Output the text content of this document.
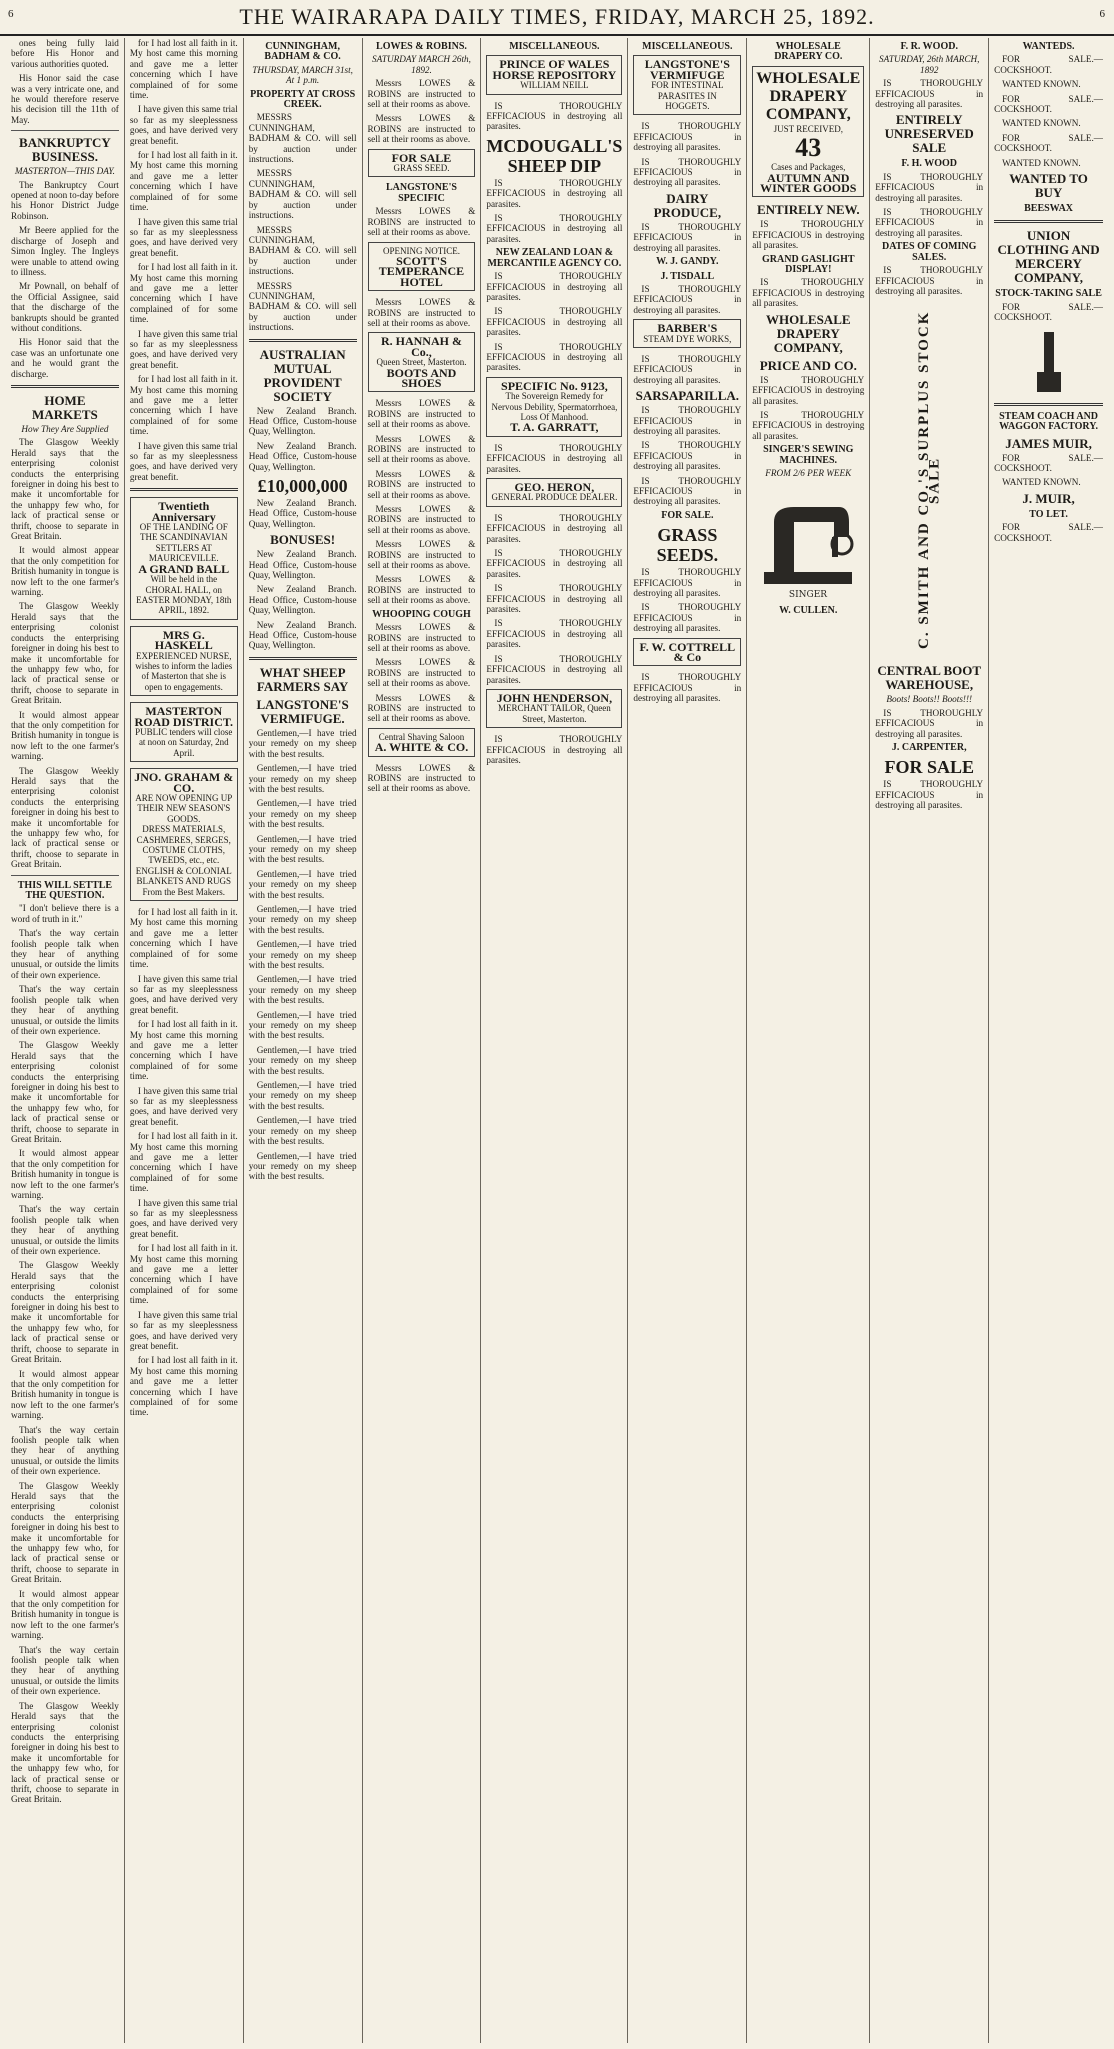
6	THE WAIRARAPA DAILY TIMES, FRIDAY, MARCH 25, 1892.	6

ones being fully laid before His Honor and various authorities quoted.

His Honor said the case was a very intricate one, and he would therefore reserve his decision till the 11th of May.

BANKRUPTCY BUSINESS.
MASTERTON—THIS DAY.

The Bankruptcy Court opened at noon to-day before his Honor District Judge Robinson.

Mr Beere applied for the discharge of Joseph and Simon Ingley. The Ingleys were unable to attend owing to illness.

Mr Pownall, on behalf of the Official Assignee, said that the discharge of the bankrupts should be granted without conditions.

His Honor said that the case was an unfortunate one and he would grant the discharge.

HOME MARKETS
How They Are Supplied

The Glasgow Weekly Herald says that the enterprising colonist conducts the enterprising foreigner in doing his best to make it uncomfortable for the unhappy few who, for lack of practical sense or thrift, choose to separate in Great Britain.

It would almost appear that the only competition for British humanity in tongue is now left to the one farmer's warning.

The Glasgow Weekly Herald says that the enterprising colonist conducts the enterprising foreigner in doing his best to make it uncomfortable for the unhappy few who, for lack of practical sense or thrift, choose to separate in Great Britain.

It would almost appear that the only competition for British humanity in tongue is now left to the one farmer's warning.

The Glasgow Weekly Herald says that the enterprising colonist conducts the enterprising foreigner in doing his best to make it uncomfortable for the unhappy few who, for lack of practical sense or thrift, choose to separate in Great Britain.

THIS WILL SETTLE THE QUESTION.

"I don't believe there is a word of truth in it."

That's the way certain foolish people talk when they hear of anything unusual, or outside the limits of their own experience.

That's the way certain foolish people talk when they hear of anything unusual, or outside the limits of their own experience.

The Glasgow Weekly Herald says that the enterprising colonist conducts the enterprising foreigner in doing his best to make it uncomfortable for the unhappy few who, for lack of practical sense or thrift, choose to separate in Great Britain.

It would almost appear that the only competition for British humanity in tongue is now left to the one farmer's warning.

That's the way certain foolish people talk when they hear of anything unusual, or outside the limits of their own experience.

The Glasgow Weekly Herald says that the enterprising colonist conducts the enterprising foreigner in doing his best to make it uncomfortable for the unhappy few who, for lack of practical sense or thrift, choose to separate in Great Britain.

It would almost appear that the only competition for British humanity in tongue is now left to the one farmer's warning.

That's the way certain foolish people talk when they hear of anything unusual, or outside the limits of their own experience.

The Glasgow Weekly Herald says that the enterprising colonist conducts the enterprising foreigner in doing his best to make it uncomfortable for the unhappy few who, for lack of practical sense or thrift, choose to separate in Great Britain.

It would almost appear that the only competition for British humanity in tongue is now left to the one farmer's warning.

That's the way certain foolish people talk when they hear of anything unusual, or outside the limits of their own experience.

The Glasgow Weekly Herald says that the enterprising colonist conducts the enterprising foreigner in doing his best to make it uncomfortable for the unhappy few who, for lack of practical sense or thrift, choose to separate in Great Britain.

for I had lost all faith in it. My host came this morning and gave me a letter concerning which I have complained of for some time.

I have given this same trial so far as my sleeplessness goes, and have derived very great benefit.

for I had lost all faith in it. My host came this morning and gave me a letter concerning which I have complained of for some time.

I have given this same trial so far as my sleeplessness goes, and have derived very great benefit.

for I had lost all faith in it. My host came this morning and gave me a letter concerning which I have complained of for some time.

I have given this same trial so far as my sleeplessness goes, and have derived very great benefit.

for I had lost all faith in it. My host came this morning and gave me a letter concerning which I have complained of for some time.

I have given this same trial so far as my sleeplessness goes, and have derived very great benefit.

Twentieth Anniversary
OF THE LANDING OF THE SCANDINAVIAN SETTLERS AT MAURICEVILLE.
A GRAND BALL
Will be held in the CHORAL HALL, on EASTER MONDAY, 18th APRIL, 1892.
MRS G. HASKELL
EXPERIENCED NURSE, wishes to inform the ladies of Masterton that she is open to engagements.
MASTERTON ROAD DISTRICT.
PUBLIC tenders will close at noon on Saturday, 2nd April.
JNO. GRAHAM & CO.
ARE NOW OPENING UP THEIR NEW SEASON'S GOODS.
DRESS MATERIALS, CASHMERES, SERGES, COSTUME CLOTHS, TWEEDS, etc., etc.
ENGLISH & COLONIAL BLANKETS AND RUGS From the Best Makers.

for I had lost all faith in it. My host came this morning and gave me a letter concerning which I have complained of for some time.

I have given this same trial so far as my sleeplessness goes, and have derived very great benefit.

for I had lost all faith in it. My host came this morning and gave me a letter concerning which I have complained of for some time.

I have given this same trial so far as my sleeplessness goes, and have derived very great benefit.

for I had lost all faith in it. My host came this morning and gave me a letter concerning which I have complained of for some time.

I have given this same trial so far as my sleeplessness goes, and have derived very great benefit.

for I had lost all faith in it. My host came this morning and gave me a letter concerning which I have complained of for some time.

I have given this same trial so far as my sleeplessness goes, and have derived very great benefit.

for I had lost all faith in it. My host came this morning and gave me a letter concerning which I have complained of for some time.

CUNNINGHAM, BADHAM & CO.
THURSDAY, MARCH 31st, At 1 p.m.
PROPERTY AT CROSS CREEK.

MESSRS CUNNINGHAM, BADHAM & CO. will sell by auction under instructions.

MESSRS CUNNINGHAM, BADHAM & CO. will sell by auction under instructions.

MESSRS CUNNINGHAM, BADHAM & CO. will sell by auction under instructions.

MESSRS CUNNINGHAM, BADHAM & CO. will sell by auction under instructions.

AUSTRALIAN MUTUAL PROVIDENT SOCIETY

New Zealand Branch. Head Office, Custom-house Quay, Wellington.

New Zealand Branch. Head Office, Custom-house Quay, Wellington.

£10,000,000

New Zealand Branch. Head Office, Custom-house Quay, Wellington.

BONUSES!

New Zealand Branch. Head Office, Custom-house Quay, Wellington.

New Zealand Branch. Head Office, Custom-house Quay, Wellington.

New Zealand Branch. Head Office, Custom-house Quay, Wellington.

WHAT SHEEP FARMERS SAY
LANGSTONE'S VERMIFUGE.

Gentlemen,—I have tried your remedy on my sheep with the best results.

Gentlemen,—I have tried your remedy on my sheep with the best results.

Gentlemen,—I have tried your remedy on my sheep with the best results.

Gentlemen,—I have tried your remedy on my sheep with the best results.

Gentlemen,—I have tried your remedy on my sheep with the best results.

Gentlemen,—I have tried your remedy on my sheep with the best results.

Gentlemen,—I have tried your remedy on my sheep with the best results.

Gentlemen,—I have tried your remedy on my sheep with the best results.

Gentlemen,—I have tried your remedy on my sheep with the best results.

Gentlemen,—I have tried your remedy on my sheep with the best results.

Gentlemen,—I have tried your remedy on my sheep with the best results.

Gentlemen,—I have tried your remedy on my sheep with the best results.

Gentlemen,—I have tried your remedy on my sheep with the best results.

LOWES & ROBINS.
SATURDAY MARCH 26th, 1892.

Messrs LOWES & ROBINS are instructed to sell at their rooms as above.

Messrs LOWES & ROBINS are instructed to sell at their rooms as above.

FOR SALE
GRASS SEED.
LANGSTONE'S SPECIFIC

Messrs LOWES & ROBINS are instructed to sell at their rooms as above.

OPENING NOTICE.
SCOTT'S TEMPERANCE HOTEL

Messrs LOWES & ROBINS are instructed to sell at their rooms as above.

R. HANNAH & Co.,
Queen Street, Masterton.
BOOTS AND SHOES

Messrs LOWES & ROBINS are instructed to sell at their rooms as above.

Messrs LOWES & ROBINS are instructed to sell at their rooms as above.

Messrs LOWES & ROBINS are instructed to sell at their rooms as above.

Messrs LOWES & ROBINS are instructed to sell at their rooms as above.

Messrs LOWES & ROBINS are instructed to sell at their rooms as above.

Messrs LOWES & ROBINS are instructed to sell at their rooms as above.

WHOOPING COUGH

Messrs LOWES & ROBINS are instructed to sell at their rooms as above.

Messrs LOWES & ROBINS are instructed to sell at their rooms as above.

Messrs LOWES & ROBINS are instructed to sell at their rooms as above.

Central Shaving Saloon
A. WHITE & CO.

Messrs LOWES & ROBINS are instructed to sell at their rooms as above.

MISCELLANEOUS.
PRINCE OF WALES HORSE REPOSITORY
WILLIAM NEILL

IS THOROUGHLY EFFICACIOUS in destroying all parasites.

MCDOUGALL'S SHEEP DIP

IS THOROUGHLY EFFICACIOUS in destroying all parasites.

IS THOROUGHLY EFFICACIOUS in destroying all parasites.

NEW ZEALAND LOAN & MERCANTILE AGENCY CO.

IS THOROUGHLY EFFICACIOUS in destroying all parasites.

IS THOROUGHLY EFFICACIOUS in destroying all parasites.

IS THOROUGHLY EFFICACIOUS in destroying all parasites.

SPECIFIC No. 9123,
The Sovereign Remedy for Nervous Debility, Spermatorrhoea, Loss Of Manhood.
T. A. GARRATT,

IS THOROUGHLY EFFICACIOUS in destroying all parasites.

GEO. HERON,
GENERAL PRODUCE DEALER.

IS THOROUGHLY EFFICACIOUS in destroying all parasites.

IS THOROUGHLY EFFICACIOUS in destroying all parasites.

IS THOROUGHLY EFFICACIOUS in destroying all parasites.

IS THOROUGHLY EFFICACIOUS in destroying all parasites.

IS THOROUGHLY EFFICACIOUS in destroying all parasites.

JOHN HENDERSON,
MERCHANT TAILOR, Queen Street, Masterton.

IS THOROUGHLY EFFICACIOUS in destroying all parasites.

MISCELLANEOUS.
LANGSTONE'S VERMIFUGE
FOR INTESTINAL PARASITES IN HOGGETS.

IS THOROUGHLY EFFICACIOUS in destroying all parasites.

IS THOROUGHLY EFFICACIOUS in destroying all parasites.

DAIRY PRODUCE,

IS THOROUGHLY EFFICACIOUS in destroying all parasites.

W. J. GANDY.
J. TISDALL

IS THOROUGHLY EFFICACIOUS in destroying all parasites.

BARBER'S
STEAM DYE WORKS,

IS THOROUGHLY EFFICACIOUS in destroying all parasites.

SARSAPARILLA.

IS THOROUGHLY EFFICACIOUS in destroying all parasites.

IS THOROUGHLY EFFICACIOUS in destroying all parasites.

IS THOROUGHLY EFFICACIOUS in destroying all parasites.

FOR SALE.
GRASS SEEDS.

IS THOROUGHLY EFFICACIOUS in destroying all parasites.

IS THOROUGHLY EFFICACIOUS in destroying all parasites.

F. W. COTTRELL & Co

IS THOROUGHLY EFFICACIOUS in destroying all parasites.

WHOLESALE DRAPERY CO.
WHOLESALE DRAPERY COMPANY,
JUST RECEIVED,
43
Cases and Packages,
AUTUMN AND WINTER GOODS
ENTIRELY NEW.

IS THOROUGHLY EFFICACIOUS in destroying all parasites.

GRAND GASLIGHT DISPLAY!

IS THOROUGHLY EFFICACIOUS in destroying all parasites.

WHOLESALE DRAPERY COMPANY,
PRICE AND CO.

IS THOROUGHLY EFFICACIOUS in destroying all parasites.

IS THOROUGHLY EFFICACIOUS in destroying all parasites.

SINGER'S SEWING MACHINES.
FROM 2/6 PER WEEK
SINGER
W. CULLEN.
F. R. WOOD.
SATURDAY, 26th MARCH, 1892

IS THOROUGHLY EFFICACIOUS in destroying all parasites.

ENTIRELY UNRESERVED SALE
F. H. WOOD

IS THOROUGHLY EFFICACIOUS in destroying all parasites.

IS THOROUGHLY EFFICACIOUS in destroying all parasites.

DATES OF COMING SALES.

IS THOROUGHLY EFFICACIOUS in destroying all parasites.

C. SMITH AND CO.'S SURPLUS STOCK SALE
CENTRAL BOOT WAREHOUSE,
Boots! Boots!! Boots!!!

IS THOROUGHLY EFFICACIOUS in destroying all parasites.

J. CARPENTER,
FOR SALE

IS THOROUGHLY EFFICACIOUS in destroying all parasites.

WANTEDS.

FOR SALE.—COCKSHOOT.

WANTED KNOWN.

FOR SALE.—COCKSHOOT.

WANTED KNOWN.

FOR SALE.—COCKSHOOT.

WANTED KNOWN.

WANTED TO BUY
BEESWAX
UNION CLOTHING AND MERCERY COMPANY,
STOCK-TAKING SALE

FOR SALE.—COCKSHOOT.

STEAM COACH AND WAGGON FACTORY.
JAMES MUIR,

FOR SALE.—COCKSHOOT.

WANTED KNOWN.

J. MUIR,
TO LET.

FOR SALE.—COCKSHOOT.
